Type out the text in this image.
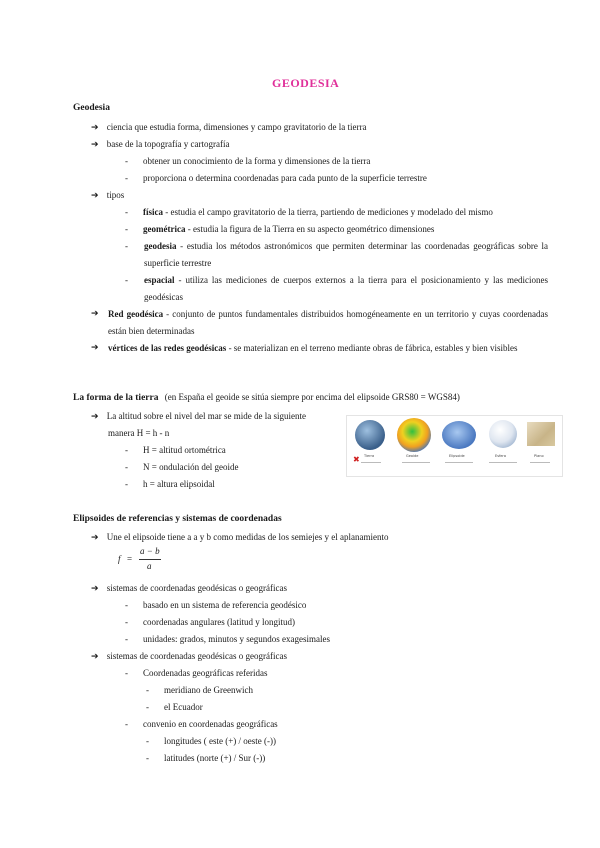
GEODESIA
Geodesia
➔ ciencia que estudia forma, dimensiones y campo gravitatorio de la tierra
➔ base de la topografía y cartografía
- obtener un conocimiento de la forma y dimensiones de la tierra
- proporciona o determina coordenadas para cada punto de la superficie terrestre
➔ tipos
- física - estudia el campo gravitatorio de la tierra, partiendo de mediciones y modelado del mismo
- geométrica - estudia la figura de la Tierra en su aspecto geométrico dimensiones
- geodesia - estudia los métodos astronómicos que permiten determinar las coordenadas geográficas sobre la superficie terrestre
- espacial - utiliza las mediciones de cuerpos externos a la tierra para el posicionamiento y las mediciones geodésicas
➔ Red geodésica - conjunto de puntos fundamentales distribuidos homogéneamente en un territorio y cuyas coordenadas están bien determinadas
➔ vértices de las redes geodésicas - se materializan en el terreno mediante obras de fábrica, estables y bien visibles
La forma de la tierra (en España el geoide se sitúa siempre por encima del elipsoide GRS80 = WGS84)
➔ La altitud sobre el nivel del mar se mide de la siguiente
manera H = h - n
- H = altitud ortométrica
- N = ondulación del geoide
- h = altura elipsoidal
✖ Tierra	Geoide	Elipsoide	Esfera	Plano
Elipsoides de referencias y sistemas de coordenadas
➔ Une el elipsoide tiene a a y b como medidas de los semiejes y el aplanamiento
f =
a − b
a
➔ sistemas de coordenadas geodésicas o geográficas
- basado en un sistema de referencia geodésico
- coordenadas angulares (latitud y longitud)
- unidades: grados, minutos y segundos exagesimales
➔ sistemas de coordenadas geodésicas o geográficas
- Coordenadas geográficas referidas
- meridiano de Greenwich
- el Ecuador
- convenio en coordenadas geográficas
- longitudes ( este (+) / oeste (-))
- latitudes (norte (+) / Sur (-))
